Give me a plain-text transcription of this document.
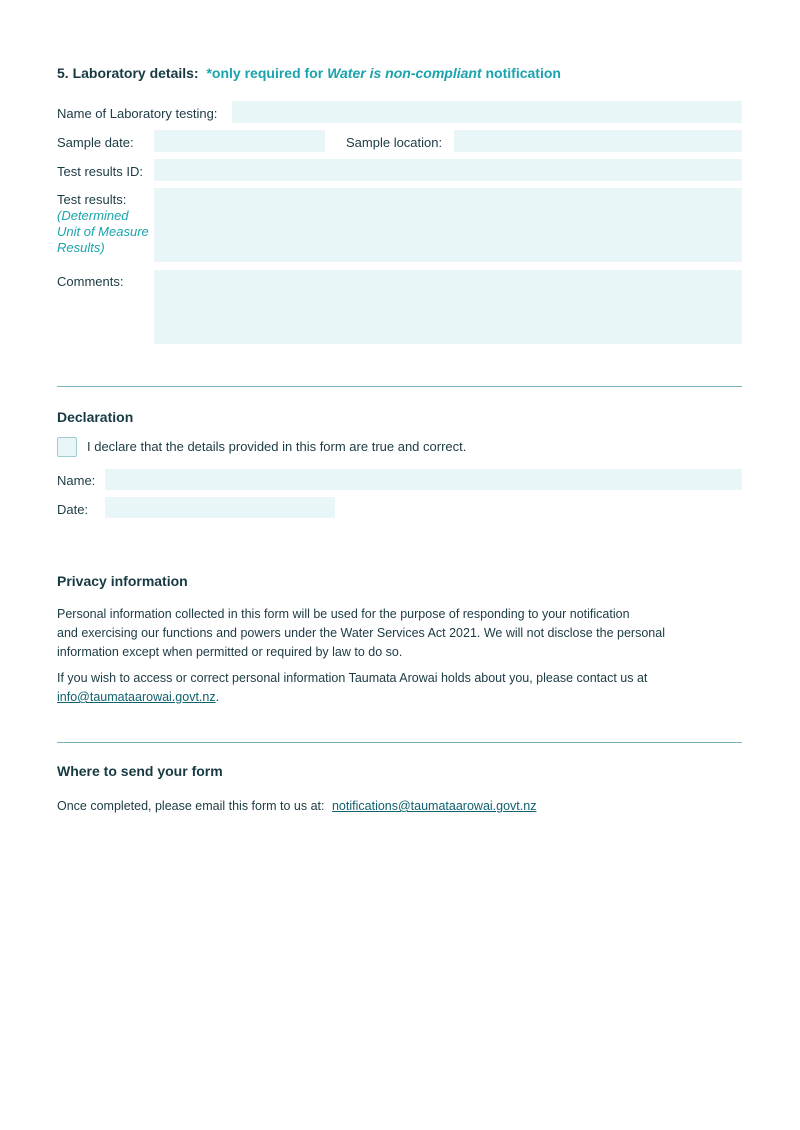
5. Laboratory details: *only required for Water is non-compliant notification
Name of Laboratory testing:
Sample date:	Sample location:
Test results ID:
Test results:
(Determined
Unit of Measure
Results)
Comments:
Declaration
I declare that the details provided in this form are true and correct.
Name:
Date:
Privacy information

Personal information collected in this form will be used for the purpose of responding to your notification

and exercising our functions and powers under the Water Services Act 2021. We will not disclose the personal

information except when permitted or required by law to do so.

If you wish to access or correct personal information Taumata Arowai holds about you, please contact us at

info@taumataarowai.govt.nz.

Where to send your form
Once completed, please email this form to us at: notifications@taumataarowai.govt.nz
